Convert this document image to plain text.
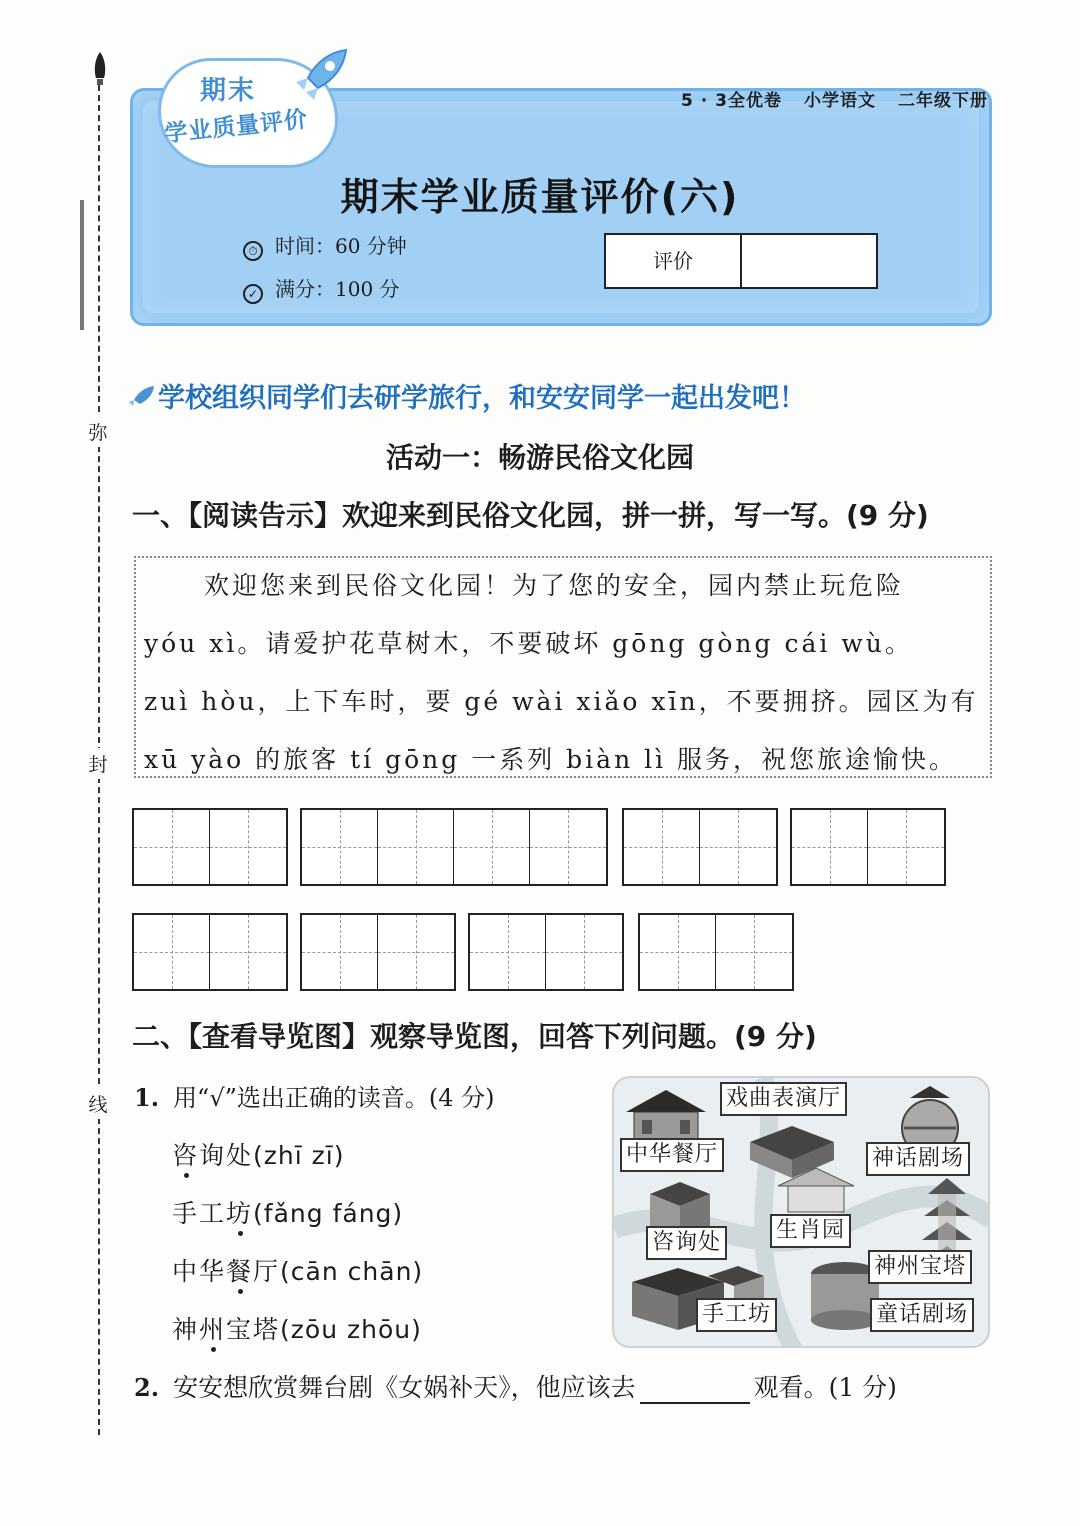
弥
封
线
期末
学业质量评价
5 · 3全优卷 小学语文 二年级下册
期末学业质量评价(六)
⏱ 时间：60 分钟
✓ 满分：100 分
评价
学校组织同学们去研学旅行，和安安同学一起出发吧！
活动一：畅游民俗文化园
一、【阅读告示】欢迎来到民俗文化园，拼一拼，写一写。(9 分)
欢迎您来到民俗文化园！为了您的安全，园内禁止玩危险
yóu xì。请爱护花草树木，不要破坏 gōng gòng cái wù。
zuì hòu，上下车时，要 gé wài xiǎo xīn，不要拥挤。园区为有
xū yào 的旅客 tí gōng 一系列 biàn lì 服务，祝您旅途愉快。
二、【查看导览图】观察导览图，回答下列问题。(9 分)
1. 用“√”选出正确的读音。(4 分)
咨询处(zhī zī)
手工坊(fǎng fáng)
中华餐厅(cān chān)
神州宝塔(zōu zhōu)
戏曲表演厅
中华餐厅	神话剧场
咨询处 生肖园
神州宝塔
手工坊	童话剧场
2. 安安想欣赏舞台剧《女娲补天》，他应该去	观看。(1 分)
